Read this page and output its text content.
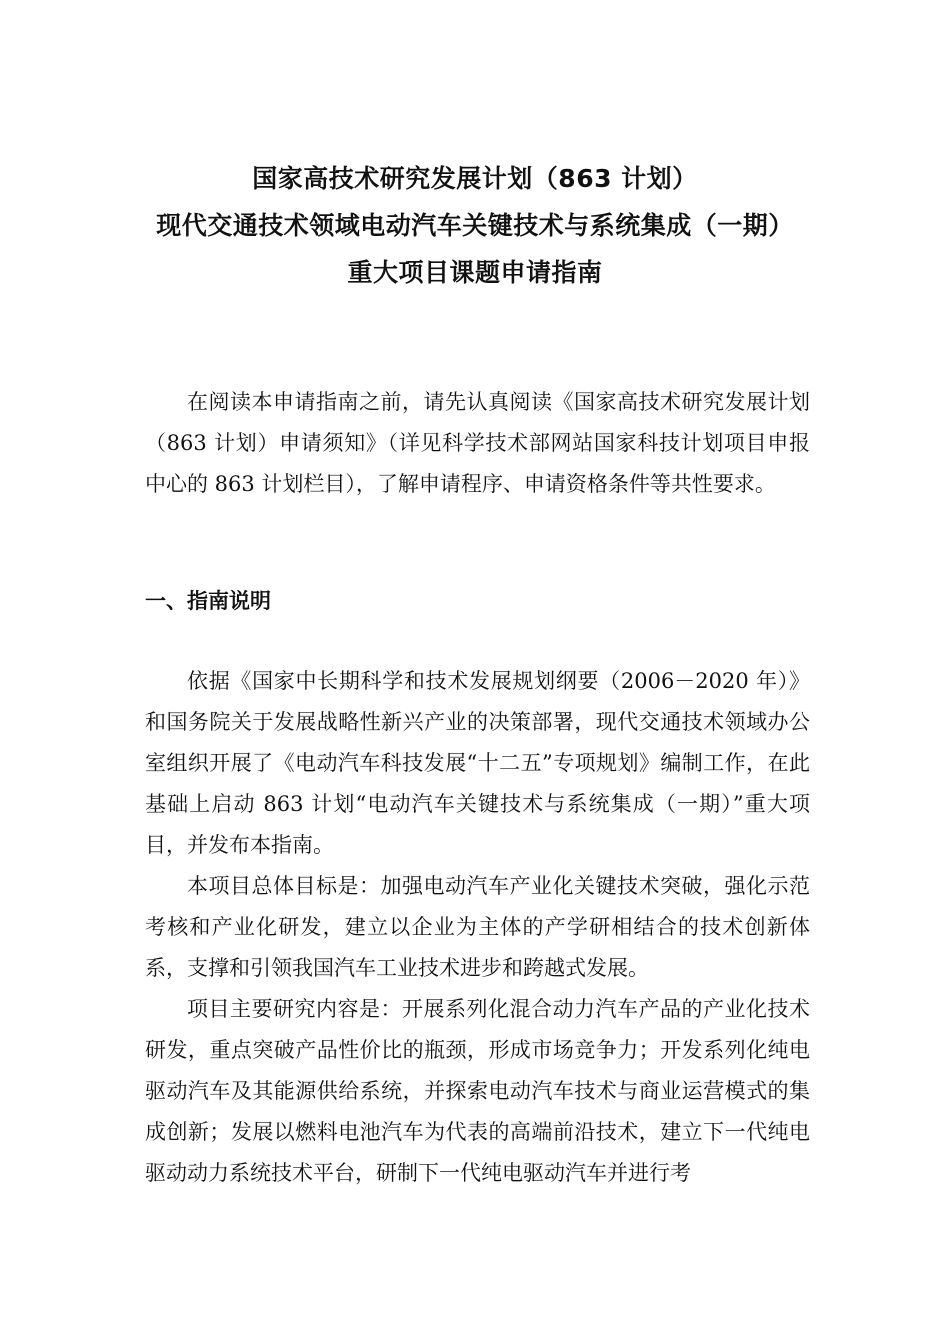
国家高技术研究发展计划（863 计划）
现代交通技术领域电动汽车关键技术与系统集成（一期）
重大项目课题申请指南

在阅读本申请指南之前，请先认真阅读《国家高技术研究发展计划（863 计划）申请须知》（详见科学技术部网站国家科技计划项目申报中心的 863 计划栏目），了解申请程序、申请资格条件等共性要求。

一、指南说明

依据《国家中长期科学和技术发展规划纲要（2006－2020 年）》和国务院关于发展战略性新兴产业的决策部署，现代交通技术领域办公室组织开展了《电动汽车科技发展“十二五”专项规划》编制工作，在此基础上启动 863 计划“电动汽车关键技术与系统集成（一期）”重大项目，并发布本指南。

本项目总体目标是：加强电动汽车产业化关键技术突破，强化示范考核和产业化研发，建立以企业为主体的产学研相结合的技术创新体系，支撑和引领我国汽车工业技术进步和跨越式发展。

项目主要研究内容是：开展系列化混合动力汽车产品的产业化技术研发，重点突破产品性价比的瓶颈，形成市场竞争力；开发系列化纯电驱动汽车及其能源供给系统，并探索电动汽车技术与商业运营模式的集成创新；发展以燃料电池汽车为代表的高端前沿技术，建立下一代纯电驱动动力系统技术平台，研制下一代纯电驱动汽车并进行考
